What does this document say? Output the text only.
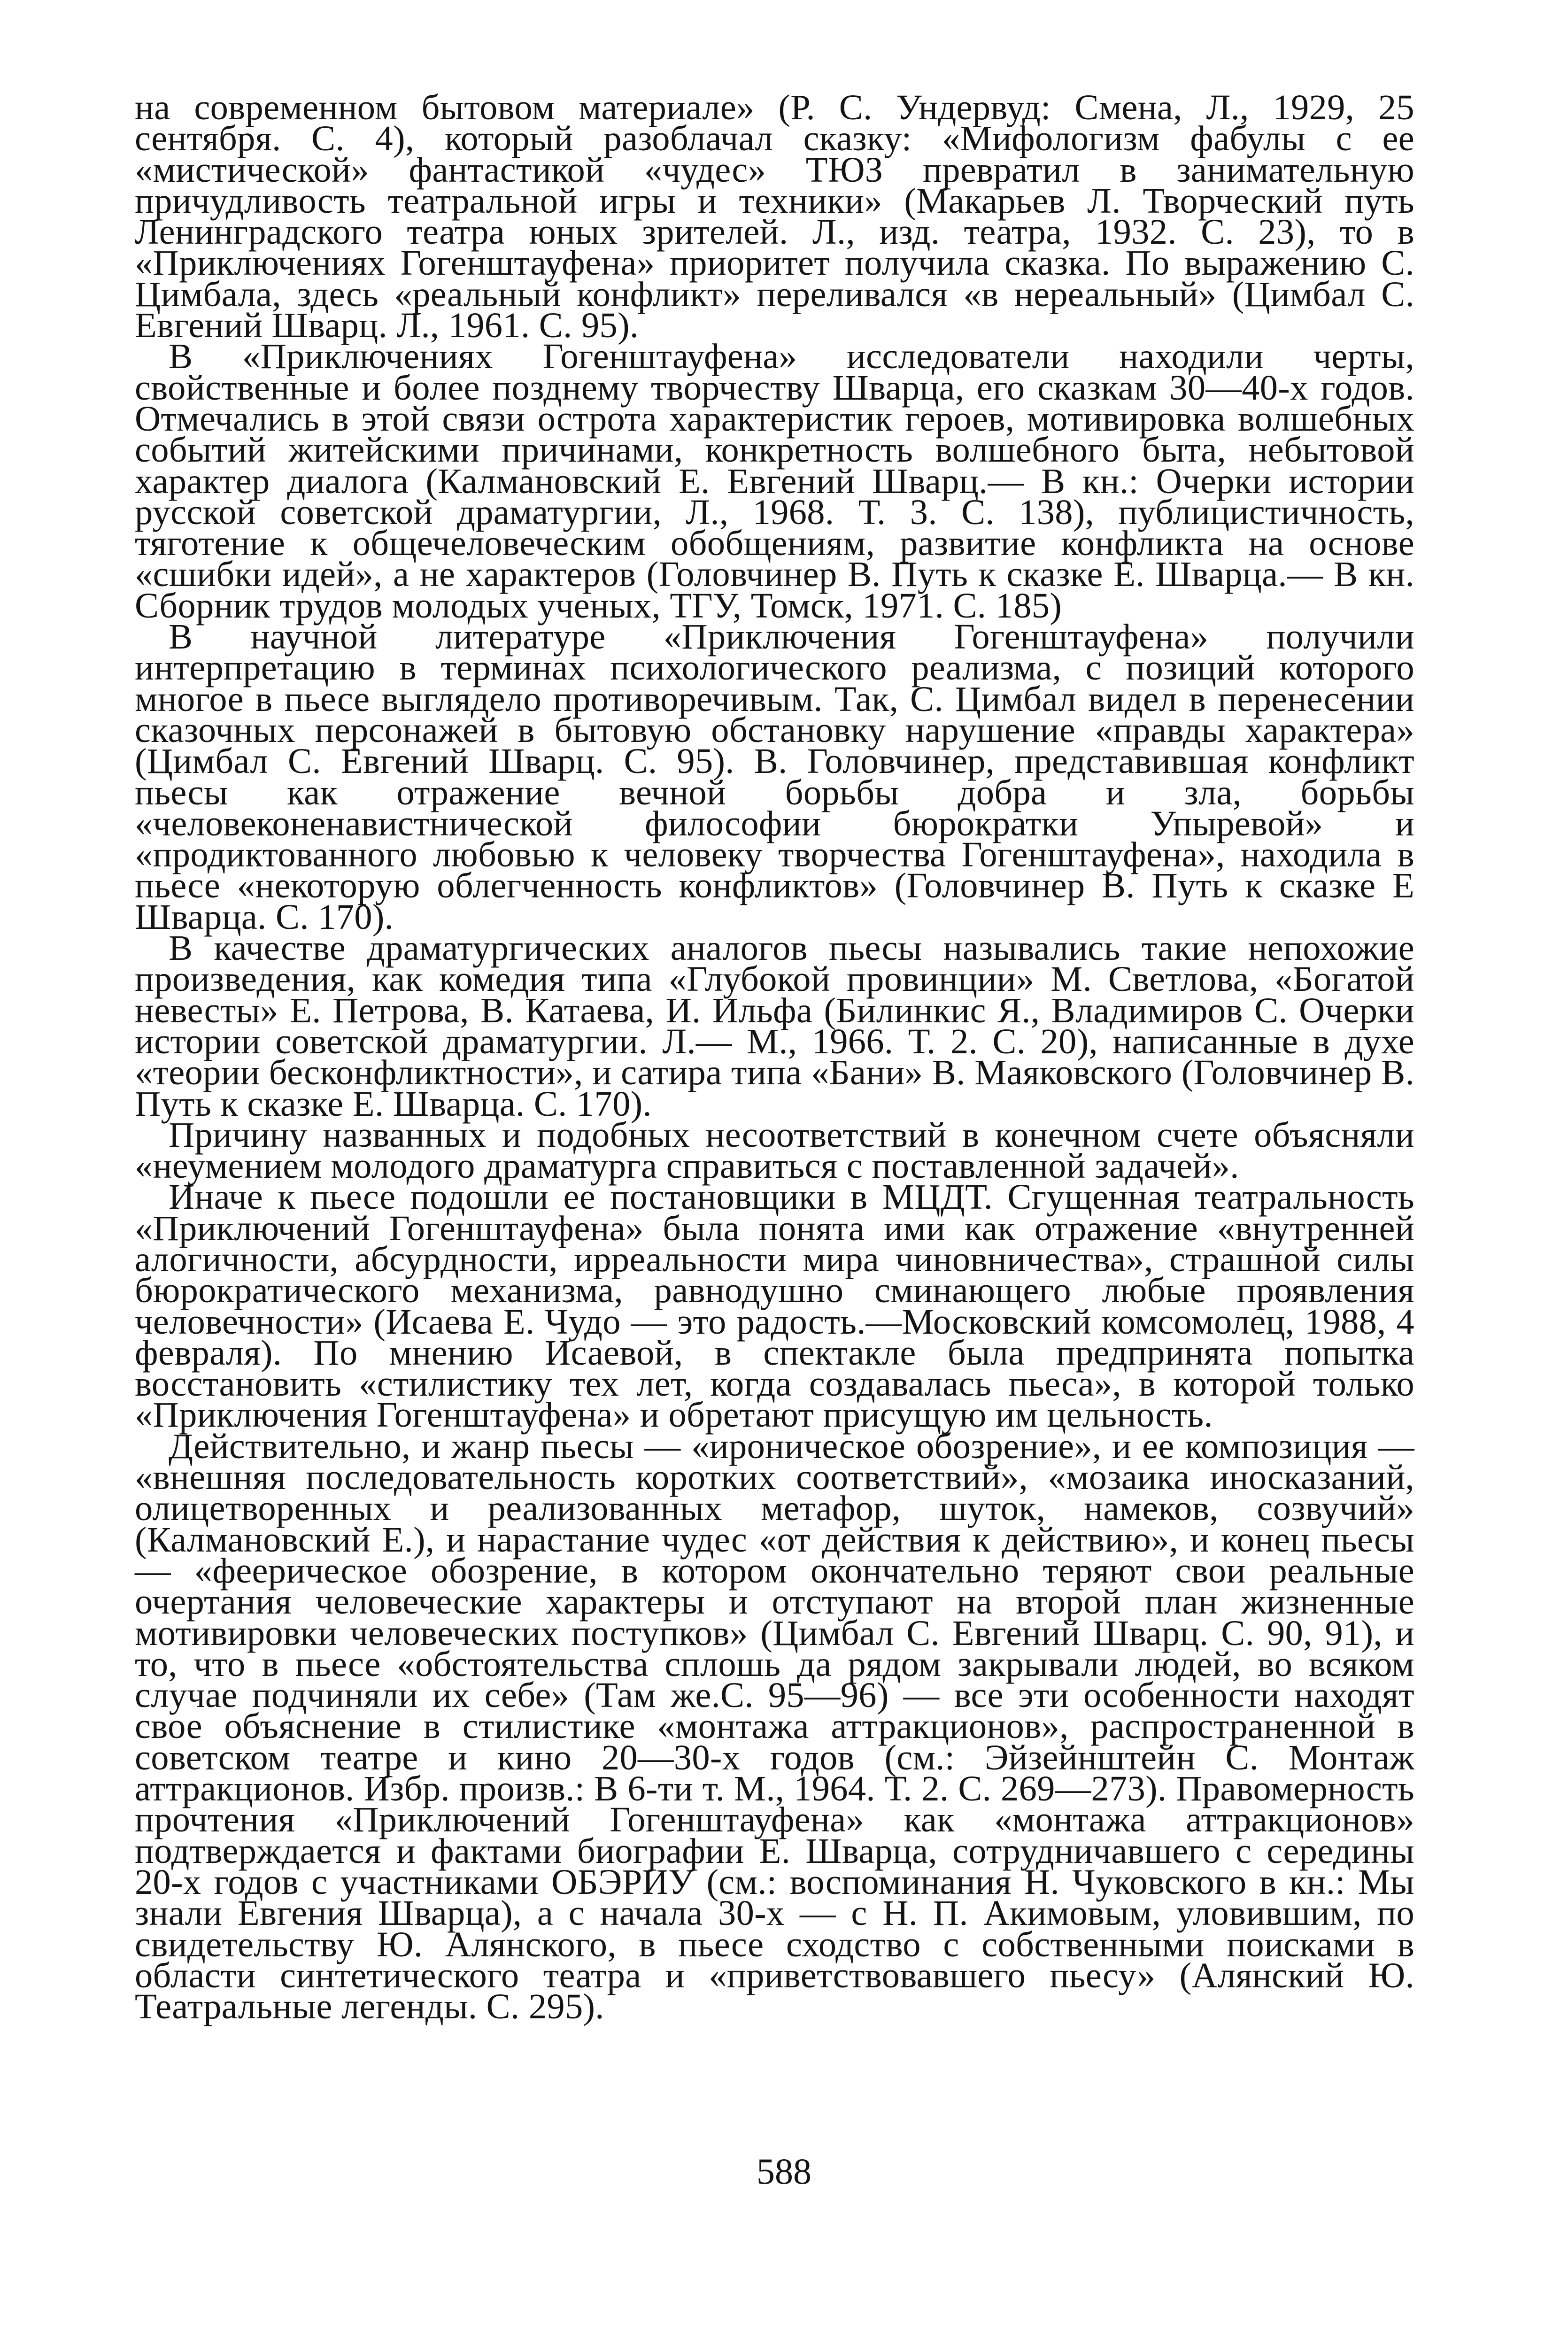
на современном бытовом материале» (Р. С. Ундервуд: Смена, Л., 1929, 25 сентября. С. 4), который разоблачал сказку: «Мифологизм фабулы с ее «мистической» фантастикой «чудес» ТЮЗ превратил в занимательную причудливость театральной игры и техники» (Макарьев Л. Творческий путь Ленинградского театра юных зрителей. Л., изд. театра, 1932. С. 23), то в «Приключениях Гогенштауфена» приоритет получила сказка. По выражению С. Цимбала, здесь «реальный конфликт» переливался «в нереальный» (Цимбал С. Евгений Шварц. Л., 1961. С. 95).

В «Приключениях Гогенштауфена» исследователи находили черты, свойственные и более позднему творчеству Шварца, его сказкам 30—40-х годов. Отмечались в этой связи острота характеристик героев, мотивировка волшебных событий житейскими причинами, конкретность волшебного быта, небытовой характер диалога (Калмановский Е. Евгений Шварц.— В кн.: Очерки истории русской советской драматургии, Л., 1968. Т. 3. С. 138), публицистичность, тяготение к общечеловеческим обобщениям, развитие конфликта на основе «сшибки идей», а не характеров (Головчинер В. Путь к сказке Е. Шварца.— В кн. Сборник трудов молодых ученых, ТГУ, Томск, 1971. С. 185)

В научной литературе «Приключения Гогенштауфена» получили интерпретацию в терминах психологического реализма, с позиций которого многое в пьесе выглядело противоречивым. Так, С. Цимбал видел в перенесении сказочных персонажей в бытовую обстановку нарушение «правды характера» (Цимбал С. Евгений Шварц. С. 95). В. Головчинер, представившая конфликт пьесы как отражение вечной борьбы добра и зла, борьбы «человеконенавистнической философии бюрократки Упыревой» и «продиктованного любовью к человеку творчества Гогенштауфена», находила в пьесе «некоторую облегченность конфликтов» (Головчинер В. Путь к сказке Е Шварца. С. 170).

В качестве драматургических аналогов пьесы назывались такие непохожие произведения, как комедия типа «Глубокой провинции» М. Светлова, «Богатой невесты» Е. Петрова, В. Катаева, И. Ильфа (Билинкис Я., Владимиров С. Очерки истории советской драматургии. Л.— М., 1966. Т. 2. С. 20), написанные в духе «теории бесконфликтности», и сатира типа «Бани» В. Маяковского (Головчинер В. Путь к сказке Е. Шварца. С. 170).

Причину названных и подобных несоответствий в конечном счете объясняли «неумением молодого драматурга справиться с поставленной задачей».

Иначе к пьесе подошли ее постановщики в МЦДТ. Сгущенная театральность «Приключений Гогенштауфена» была понята ими как отражение «внутренней алогичности, абсурдности, ирреальности мира чиновничества», страшной силы бюрократического механизма, равнодушно сминающего любые проявления человечности» (Исаева Е. Чудо — это радость.—Московский комсомолец, 1988, 4 февраля). По мнению Исаевой, в спектакле была предпринята попытка восстановить «стилистику тех лет, когда создавалась пьеса», в которой только «Приключения Гогенштауфена» и обретают присущую им цельность.

Действительно, и жанр пьесы — «ироническое обозрение», и ее композиция — «внешняя последовательность коротких соответствий», «мозаика иносказаний, олицетворенных и реализованных метафор, шуток, намеков, созвучий» (Калмановский Е.), и нарастание чудес «от действия к действию», и конец пьесы — «феерическое обозрение, в котором окончательно теряют свои реальные очертания человеческие характеры и отступают на второй план жизненные мотивировки человеческих поступков» (Цимбал С. Евгений Шварц. С. 90, 91), и то, что в пьесе «обстоятельства сплошь да рядом закрывали людей, во всяком случае подчиняли их себе» (Там же.С. 95—96) — все эти особенности находят свое объяснение в стилистике «монтажа аттракционов», распространенной в советском театре и кино 20—30-х годов (см.: Эйзейнштейн С. Монтаж аттракционов. Избр. произв.: В 6-ти т. М., 1964. Т. 2. С. 269—273). Правомерность прочтения «Приключений Гогенштауфена» как «монтажа аттракционов» подтверждается и фактами биографии Е. Шварца, сотрудничавшего с середины 20-х годов с участниками ОБЭРИУ (см.: воспоминания Н. Чуковского в кн.: Мы знали Евгения Шварца), а с начала 30-х — с Н. П. Акимовым, уловившим, по свидетельству Ю. Алянского, в пьесе сходство с собственными поисками в области синтетического театра и «приветствовавшего пьесу» (Алянский Ю. Театральные легенды. С. 295).

588
